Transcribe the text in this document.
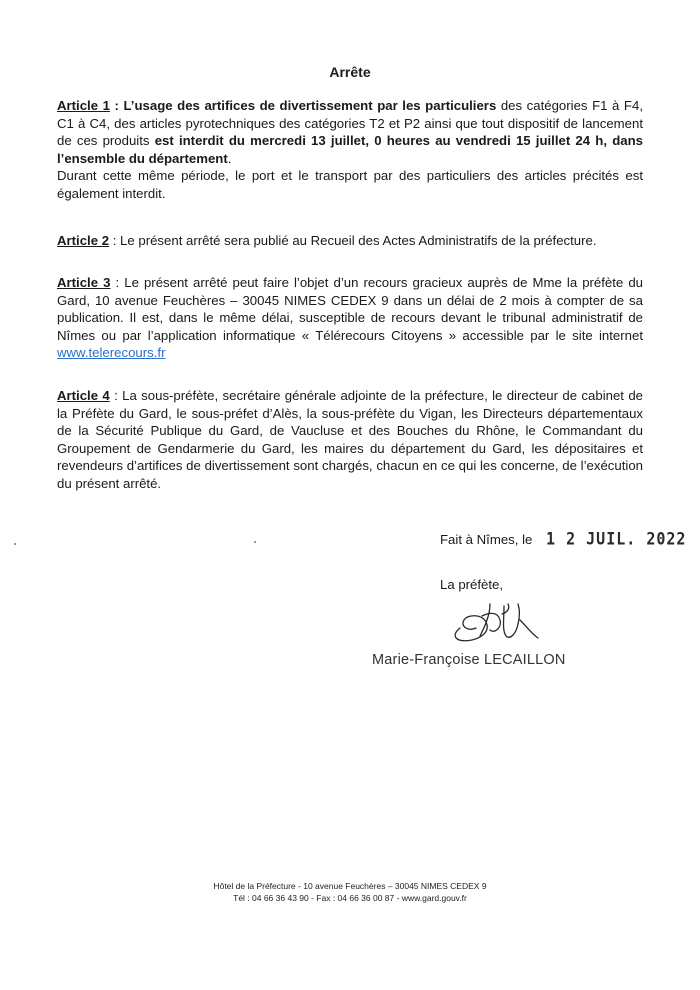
Arrête
Article 1 : L’usage des artifices de divertissement par les particuliers des catégories F1 à F4, C1 à C4, des articles pyrotechniques des catégories T2 et P2 ainsi que tout dispositif de lancement de ces produits est interdit du mercredi 13 juillet, 0 heures au vendredi 15 juillet 24 h, dans l’ensemble du département.
Durant cette même période, le port et le transport par des particuliers des articles précités est également interdit.
Article 2 : Le présent arrêté sera publié au Recueil des Actes Administratifs de la préfecture.
Article 3 : Le présent arrêté peut faire l’objet d’un recours gracieux auprès de Mme la préfète du Gard, 10 avenue Feuchères – 30045 NIMES CEDEX 9 dans un délai de 2 mois à compter de sa publication. Il est, dans le même délai, susceptible de recours devant le tribunal administratif de Nîmes ou par l’application informatique « Télérecours Citoyens » accessible par le site internet www.telerecours.fr
Article 4 : La sous-préfète, secrétaire générale adjointe de la préfecture, le directeur de cabinet de la Préfète du Gard, le sous-préfet d’Alès, la sous-préfète du Vigan, les Directeurs départementaux de la Sécurité Publique du Gard, de Vaucluse et des Bouches du Rhône, le Commandant du Groupement de Gendarmerie du Gard, les maires du département du Gard, les dépositaires et revendeurs d’artifices de divertissement sont chargés, chacun en ce qui les concerne, de l’exécution du présent arrêté.
Fait à Nîmes, le 1 2 JUIL. 2022
La préfète,
Marie-Françoise LECAILLON
Hôtel de la Préfecture - 10 avenue Feuchères – 30045 NIMES CEDEX 9
Tél : 04 66 36 43 90 - Fax : 04 66 36 00 87 - www.gard.gouv.fr
